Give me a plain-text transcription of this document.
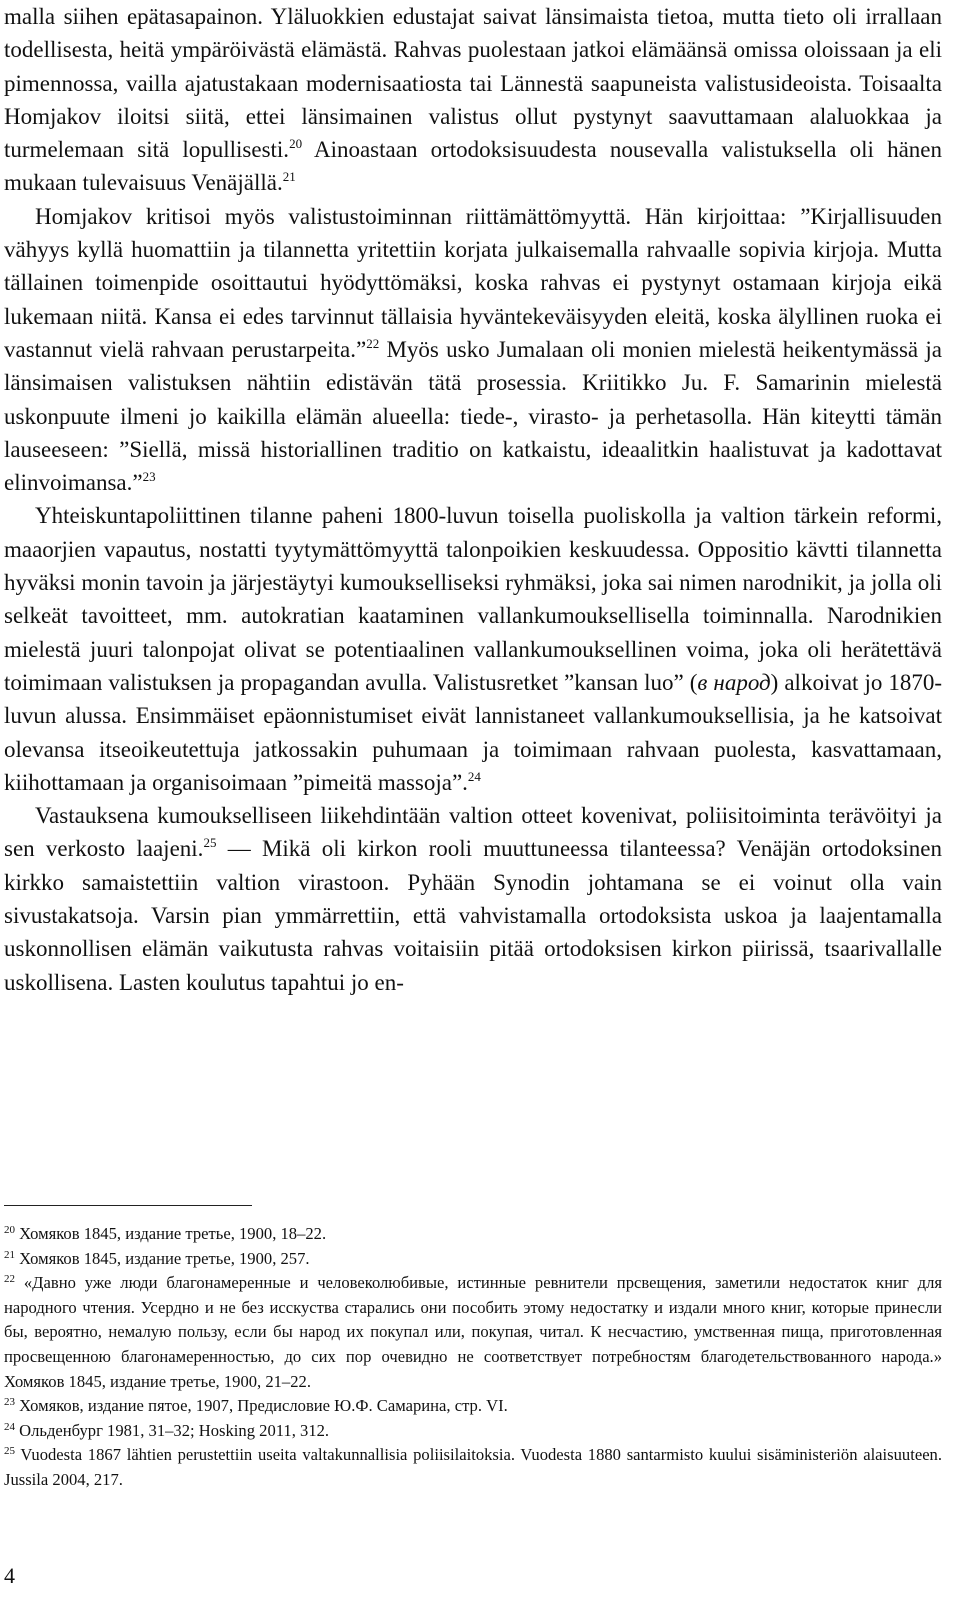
malla siihen epätasapainon. Yläluokkien edustajat saivat länsimaista tietoa, mutta tieto oli irrallaan todellisesta, heitä ympäröivästä elämästä. Rahvas puolestaan jatkoi elämäänsä omissa oloissaan ja eli pimennossa, vailla ajatustakaan modernisaatiosta tai Lännestä saapuneista valistusideoista. Toisaalta Homjakov iloitsi siitä, ettei länsimainen valistus ollut pystynyt saavuttamaan alaluokkaa ja turmelemaan sitä lopullisesti.$^{20}$ Ainoastaan ortodoksisuudesta nousevalla valistuksella oli hänen mukaan tulevaisuus Venäjällä.$^{21}$

Homjakov kritisoi myös valistustoiminnan riittämättömyyttä. Hän kirjoittaa: ”Kirjallisuuden vähyys kyllä huomattiin ja tilannetta yritettiin korjata julkaisemalla rahvaalle sopivia kirjoja. Mutta tällainen toimenpide osoittautui hyödyttömäksi, koska rahvas ei pystynyt ostamaan kirjoja eikä lukemaan niitä. Kansa ei edes tarvinnut tällaisia hyväntekeväisyyden eleitä, koska älyllinen ruoka ei vastannut vielä rahvaan perustarpeita.”$^{22}$ Myös usko Jumalaan oli monien mielestä heikentymässä ja länsimaisen valistuksen nähtiin edistävän tätä prosessia. Kriitikko Ju. F. Samarinin mielestä uskonpuute ilmeni jo kaikilla elämän alueella: tiede-, virasto- ja perhetasolla. Hän kiteytti tämän lauseeseen: ”Siellä, missä historiallinen traditio on katkaistu, ideaalitkin haalistuvat ja kadottavat elinvoimansa.”$^{23}$

Yhteiskuntapoliittinen tilanne paheni 1800-luvun toisella puoliskolla ja valtion tärkein reformi, maaorjien vapautus, nostatti tyytymättömyyttä talonpoikien keskuudessa. Oppositio kävtti tilannetta hyväksi monin tavoin ja järjestäytyi kumoukselliseksi ryhmäksi, joka sai nimen narodnikit, ja jolla oli selkeät tavoitteet, mm. autokratian kaataminen vallankumouksellisella toiminnalla. Narodnikien mielestä juuri talonpojat olivat se potentiaalinen vallankumouksellinen voima, joka oli herätettävä toimimaan valistuksen ja propagandan avulla. Valistusretket ”kansan luo” (в народ) alkoivat jo 1870-luvun alussa. Ensimmäiset epäonnistumiset eivät lannistaneet vallankumouksellisia, ja he katsoivat olevansa itseoikeutettuja jatkossakin puhumaan ja toimimaan rahvaan puolesta, kasvattamaan, kiihottamaan ja organisoimaan ”pimeitä massoja”.$^{24}$

Vastauksena kumoukselliseen liikehdintään valtion otteet kovenivat, poliisitoiminta terävöityi ja sen verkosto laajeni.$^{25}$ — Mikä oli kirkon rooli muuttuneessa tilanteessa? Venäjän ortodoksinen kirkko samaistettiin valtion virastoon. Pyhään Synodin johtamana se ei voinut olla vain sivustakatsoja. Varsin pian ymmärrettiin, että vahvistamalla ortodoksista uskoa ja laajentamalla uskonnollisen elämän vaikutusta rahvas voitaisiin pitää ortodoksisen kirkon piirissä, tsaarivallalle uskollisena. Lasten koulutus tapahtui jo en-

$^{20}$ Хомяков 1845, издание третье, 1900, 18–22.
$^{21}$ Хомяков 1845, издание третье, 1900, 257.
$^{22}$ «Давно уже люди благонамеренные и человеколюбивые, истинные ревнители прсвещения, заметили недостаток книг для народного чтения. Усердно и не без исскуства старались они пособить этому недостатку и издали много книг, которые принесли бы, вероятно, немалую пользу, если бы народ их покупал или, покупая, читал. К несчастию, умственная пища, приготовленная просвещенною благонамеренностью, до сих пор очевидно не соответствует потребностям благодетельствованного народа.» Хомяков 1845, издание третье, 1900, 21–22.
$^{23}$ Хомяков, издание пятое, 1907, Предисловие Ю.Ф. Самарина, стр. VI.
$^{24}$ Ольденбург 1981, 31–32; Hosking 2011, 312.
$^{25}$ Vuodesta 1867 lähtien perustettiin useita valtakunnallisia poliisilaitoksia. Vuodesta 1880 santarmisto kuului sisäministeriön alaisuuteen. Jussila 2004, 217.
4
